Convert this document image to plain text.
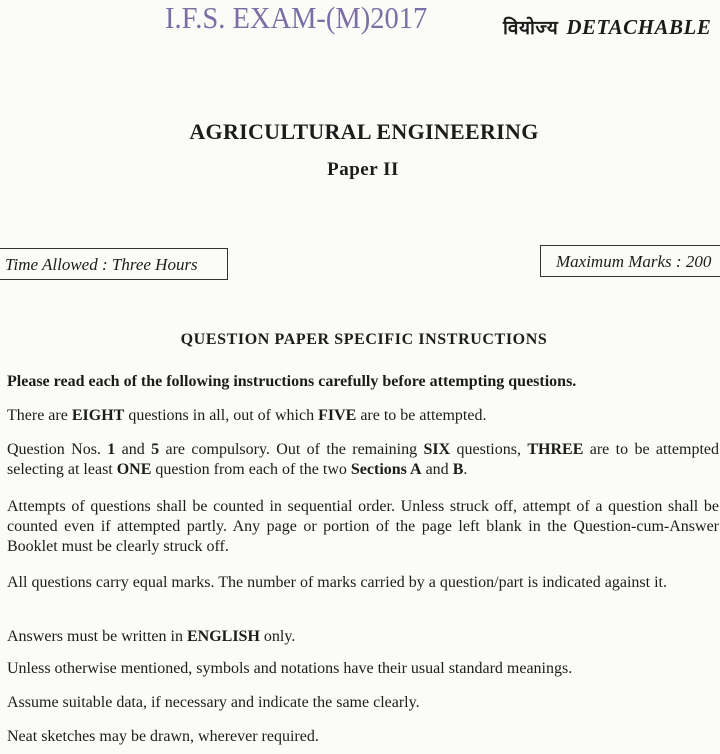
I.F.S. EXAM-(M)2017	वियोज्य DETACHABLE
AGRICULTURAL ENGINEERING
Paper II
Time Allowed : Three Hours	Maximum Marks : 200
QUESTION PAPER SPECIFIC INSTRUCTIONS
Please read each of the following instructions carefully before attempting questions.
There are EIGHT questions in all, out of which FIVE are to be attempted.
Question Nos. 1 and 5 are compulsory. Out of the remaining SIX questions, THREE are to be attempted selecting at least ONE question from each of the two Sections A and B.
Attempts of questions shall be counted in sequential order. Unless struck off, attempt of a question shall be counted even if attempted partly. Any page or portion of the page left blank in the Question-cum-Answer Booklet must be clearly struck off.
All questions carry equal marks. The number of marks carried by a question/part is indicated against it.
Answers must be written in ENGLISH only.
Unless otherwise mentioned, symbols and notations have their usual standard meanings.
Assume suitable data, if necessary and indicate the same clearly.
Neat sketches may be drawn, wherever required.
